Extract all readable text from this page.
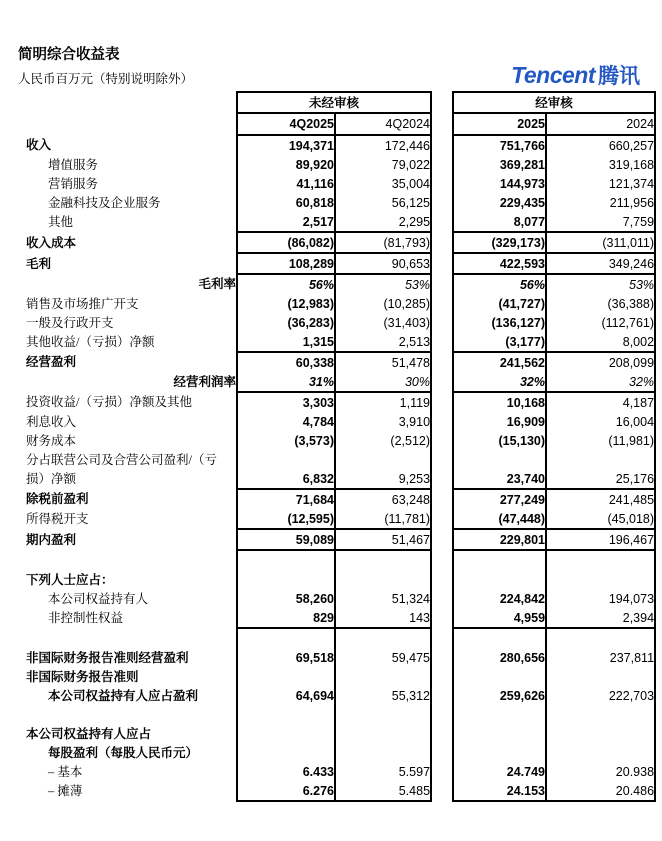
Tencent 腾讯
简明综合收益表
人民币百万元（特别说明除外）
	未经审核			经审核	
	4Q2025	4Q2024		2025	2024
收入	194,371	172,446		751,766	660,257
增值服务	89,920	79,022		369,281	319,168
营销服务	41,116	35,004		144,973	121,374
金融科技及企业服务	60,818	56,125		229,435	211,956
其他	2,517	2,295		8,077	7,759
收入成本	(86,082)	(81,793)		(329,173)	(311,011)
毛利	108,289	90,653		422,593	349,246
毛利率	56%	53%		56%	53%
销售及市场推广开支	(12,983)	(10,285)		(41,727)	(36,388)
一般及行政开支	(36,283)	(31,403)		(136,127)	(112,761)
其他收益/（亏损）净额	1,315	2,513		(3,177)	8,002
经营盈利	60,338	51,478		241,562	208,099
经营利润率	31%	30%		32%	32%
投资收益/（亏损）净额及其他	3,303	1,119		10,168	4,187
利息收入	4,784	3,910		16,909	16,004
财务成本	(3,573)	(2,512)		(15,130)	(11,981)
分占联营公司及合营公司盈利/（亏					
损）净额	6,832	9,253		23,740	25,176
除税前盈利	71,684	63,248		277,249	241,485
所得税开支	(12,595)	(11,781)		(47,448)	(45,018)
期内盈利	59,089	51,467		229,801	196,467

下列人士应占：					
本公司权益持有人	58,260	51,324		224,842	194,073
非控制性权益	829	143		4,959	2,394

非国际财务报告准则经营盈利	69,518	59,475		280,656	237,811
非国际财务报告准则					
本公司权益持有人应占盈利	64,694	55,312		259,626	222,703

本公司权益持有人应占					
每股盈利（每股人民币元）					
– 基本	6.433	5.597		24.749	20.938
– 摊薄	6.276	5.485		24.153	20.486
